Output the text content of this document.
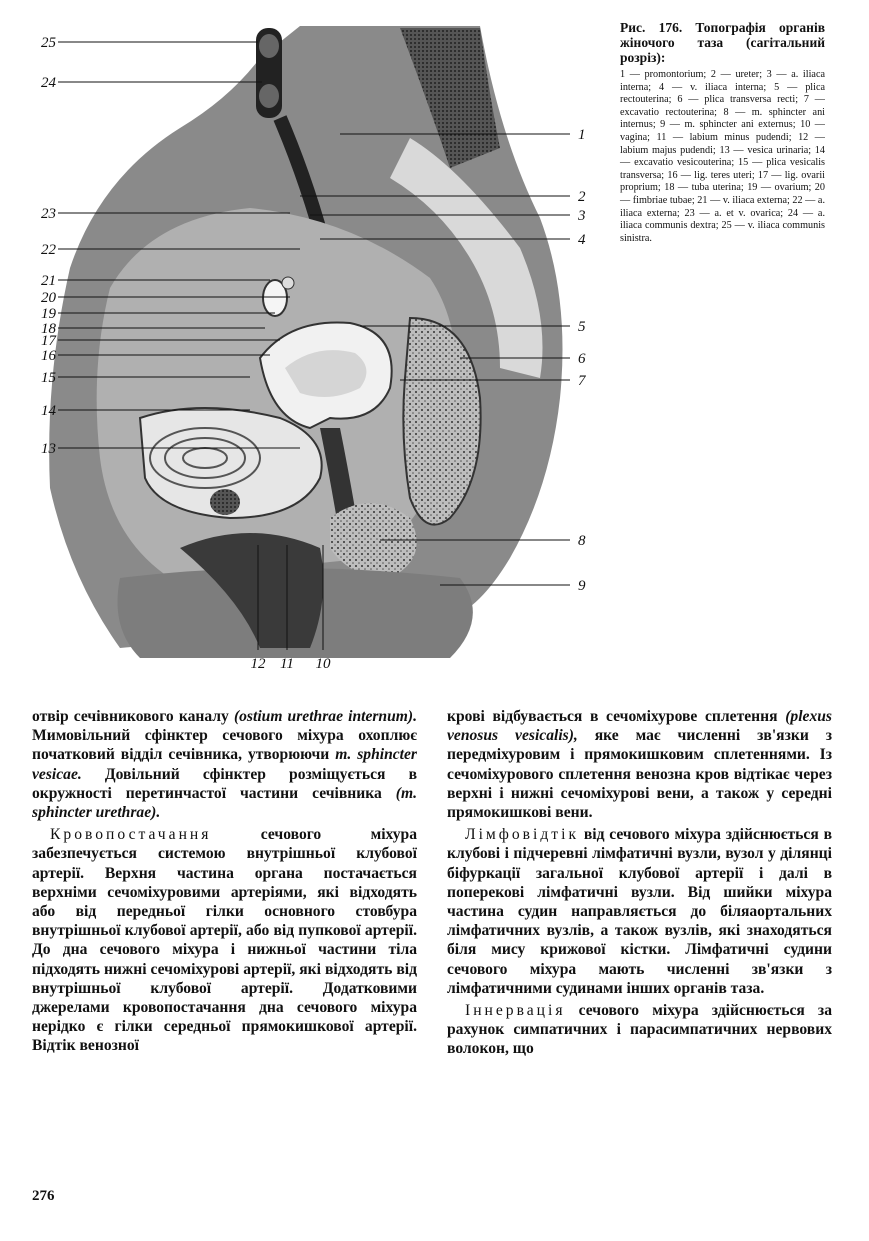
25
24
23
22
21
20
19
18
17
16
15
14
13
1
2
3
4
5
6
7
8
9
12 11 10
Рис. 176. Топографія органів жіночого таза (сагітальний розріз):
1 — promontorium; 2 — ureter; 3 — a. iliaca interna; 4 — v. iliaca interna; 5 — plica rectouterina; 6 — plica transversa recti; 7 — excavatio rectouterina; 8 — m. sphincter ani internus; 9 — m. sphincter ani externus; 10 — vagina; 11 — labium minus pudendi; 12 — labium majus pudendi; 13 — vesica urinaria; 14 — excavatio vesicouterina; 15 — plica vesicalis transversa; 16 — lig. teres uteri; 17 — lig. ovarii proprium; 18 — tuba uterina; 19 — ovarium; 20 — fimbriae tubae; 21 — v. iliaca externa; 22 — a. iliaca externa; 23 — a. et v. ovarica; 24 — a. iliaca communis dextra; 25 — v. iliaca communis sinistra.

отвір сечівникового каналу (ostium urethrae internum). Мимовільний сфінктер сечового міхура охоплює початковий відділ сечівника, утворюючи m. sphincter vesicae. Довільний сфінктер розміщується в окружності перетинчастої частини сечівника (m. sphincter urethrae).

Кровопостачання сечового міхура забезпечується системою внутрішньої клубової артерії. Верхня частина органа постачається верхніми сечоміхуровими артеріями, які відходять або від передньої гілки основного стовбура внутрішньої клубової артерії, або від пупкової артерії. До дна сечового міхура і нижньої частини тіла підходять нижні сечоміхурові артерії, які відходять від внутрішньої клубової артерії. Додатковими джерелами кровопостачання дна сечового міхура нерідко є гілки середньої прямокишкової артерії. Відтік венозної

крові відбувається в сечоміхурове сплетення (plexus venosus vesicalis), яке має численні зв'язки з передміхуровим і прямокишковим сплетеннями. Із сечоміхурового сплетення венозна кров відтікає через верхні і нижні сечоміхурові вени, а також у середні прямокишкові вени.

Лімфовідтік від сечового міхура здійснюється в клубові і підчеревні лімфатичні вузли, вузол у ділянці біфуркації загальної клубової артерії і далі в поперекові лімфатичні вузли. Від шийки міхура частина судин направляється до біляаортальних лімфатичних вузлів, а також вузлів, які знаходяться біля мису крижової кістки. Лімфатичні судини сечового міхура мають численні зв'язки з лімфатичними судинами інших органів таза.

Іннервація сечового міхура здійснюється за рахунок симпатичних і парасимпатичних нервових волокон, що

276
